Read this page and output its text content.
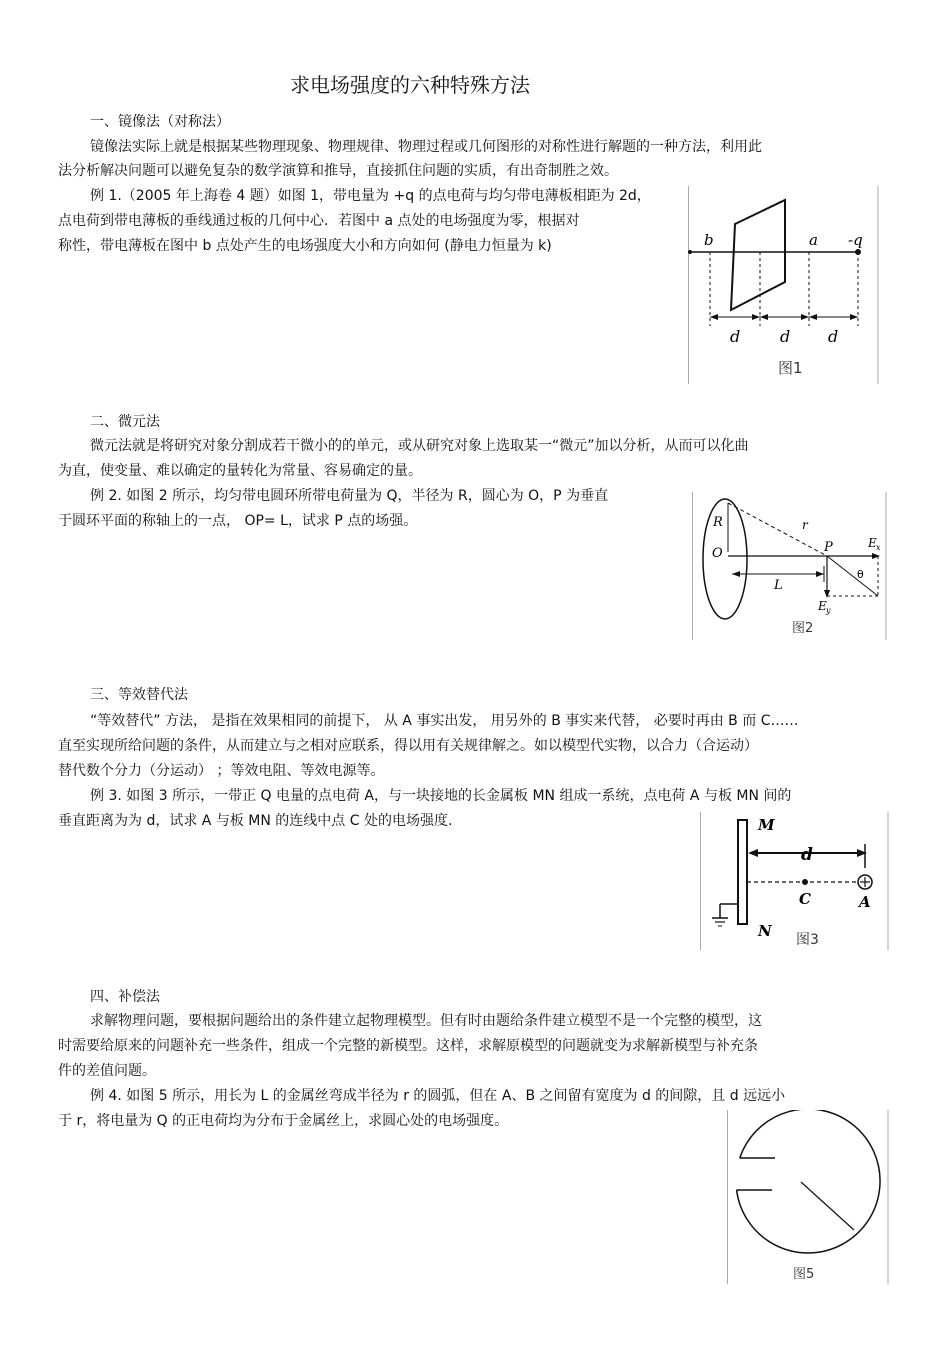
求电场强度的六种特殊方法
一、镜像法（对称法）
镜像法实际上就是根据某些物理现象、物理规律、物理过程或几何图形的对称性进行解题的一种方法，利用此
法分析解决问题可以避免复杂的数学演算和推导，直接抓住问题的实质，有出奇制胜之效。
例 1.（2005 年上海卷 4 题）如图 1，带电量为 +q 的点电荷与均匀带电薄板相距为 2d，
点电荷到带电薄板的垂线通过板的几何中心．若图中 a 点处的电场强度为零，根据对
称性，带电薄板在图中 b 点处产生的电场强度大小和方向如何 (静电力恒量为 k)	b	a -q
d d d
图1
二、微元法
微元法就是将研究对象分割成若干微小的的单元，或从研究对象上选取某一“微元”加以分析，从而可以化曲
为直，使变量、难以确定的量转化为常量、容易确定的量。
例 2. 如图 2 所示，均匀带电圆环所带电荷量为 Q，半径为 R，圆心为 O，P 为垂直
于圆环平面的称轴上的一点， OP= L，试求 P 点的场强。	R
O	P
r
E x
E y
L
θ
图2
三、等效替代法
“等效替代” 方法， 是指在效果相同的前提下， 从 A 事实出发， 用另外的 B 事实来代替， 必要时再由 B 而 C……
直至实现所给问题的条件，从而建立与之相对应联系，得以用有关规律解之。如以模型代实物，以合力（合运动）
替代数个分力（分运动） ；等效电阻、等效电源等。
例 3. 如图 3 所示，一带正 Q 电量的点电荷 A，与一块接地的长金属板 MN 组成一系统，点电荷 A 与板 MN 间的
垂直距离为为 d，试求 A 与板 MN 的连线中点 C 处的电场强度.	M
N
d
C	A
图3
四、补偿法
求解物理问题，要根据问题给出的条件建立起物理模型。但有时由题给条件建立模型不是一个完整的模型，这
时需要给原来的问题补充一些条件，组成一个完整的新模型。这样，求解原模型的问题就变为求解新模型与补充条
件的差值问题。
例 4. 如图 5 所示，用长为 L 的金属丝弯成半径为 r 的圆弧，但在 A、B 之间留有宽度为 d 的间隙，且 d 远远小
于 r，将电量为 Q 的正电荷均为分布于金属丝上，求圆心处的电场强度。
图5
